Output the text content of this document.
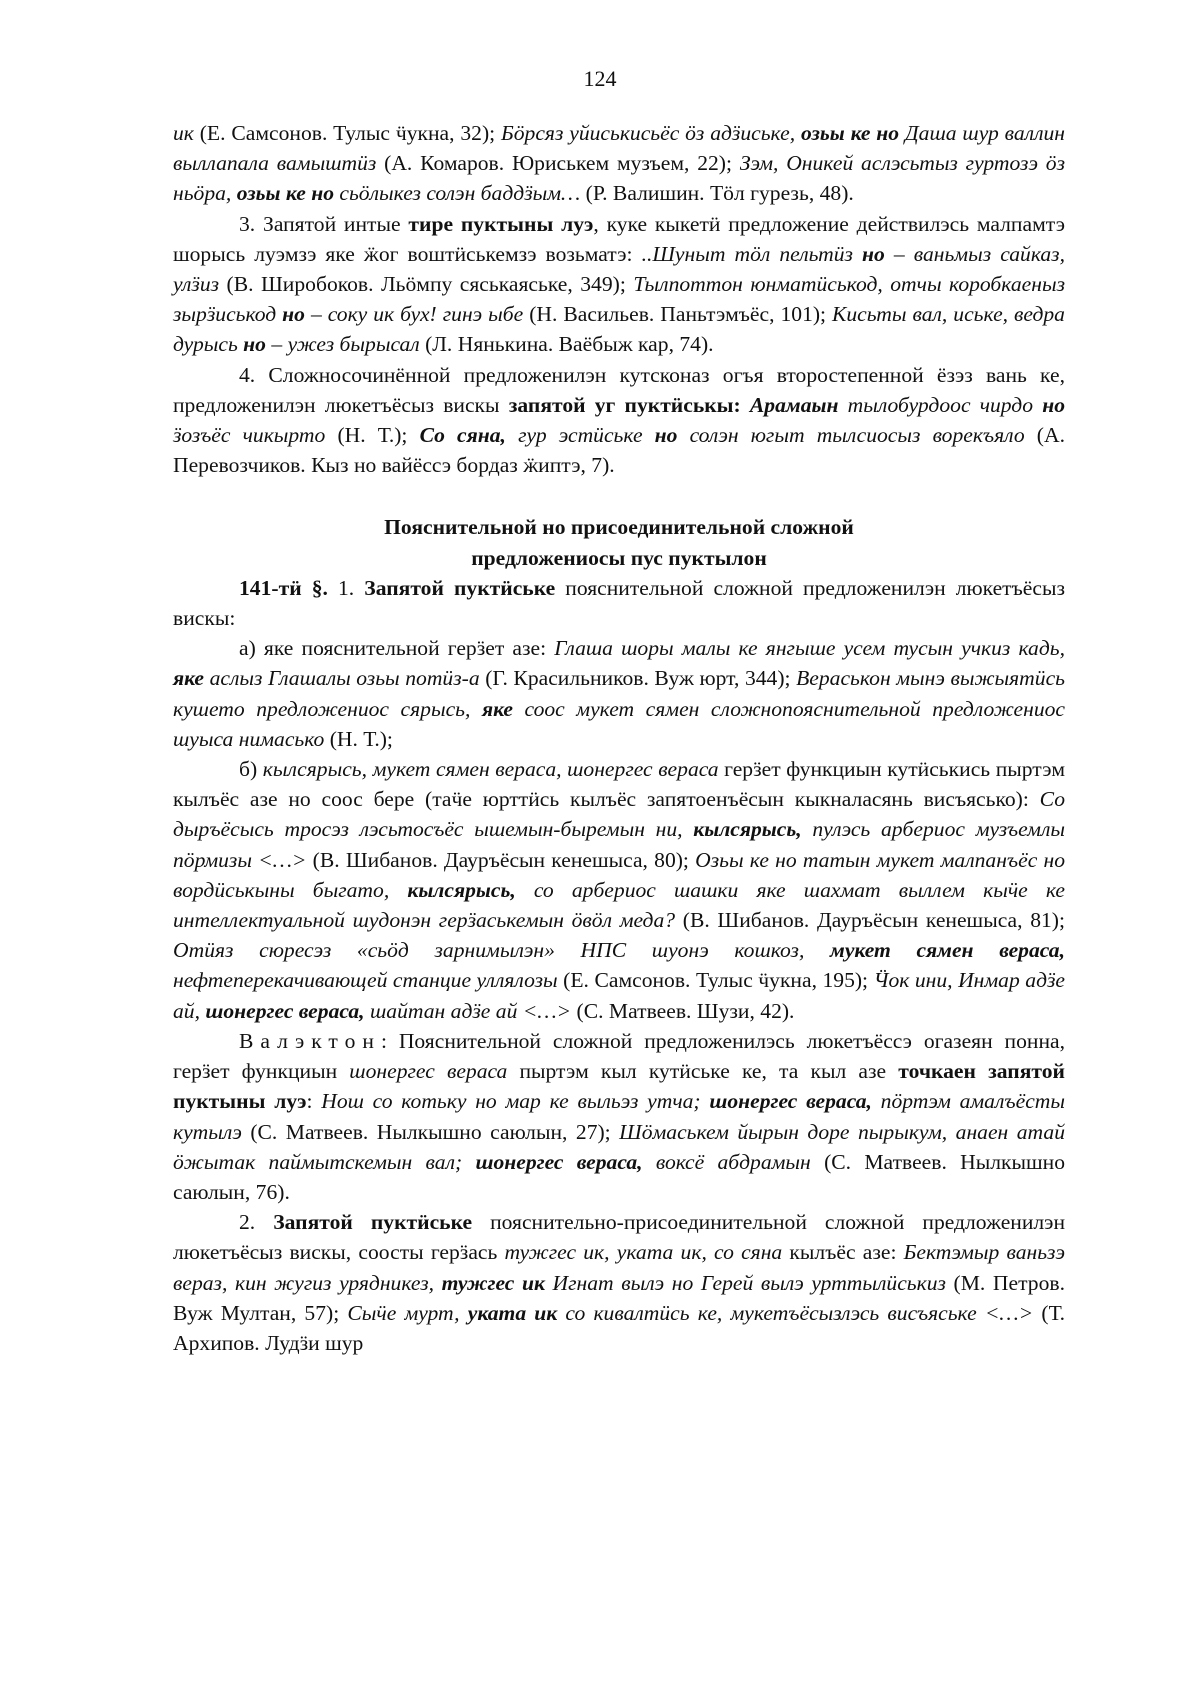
124

ик (Е. Самсонов. Тулыс ӵукна, 32); Бӧрсяз уйиськисьёс ӧз адӟиське, озьы ке но Даша шур валлин выллапала вамыштӥз (А. Комаров. Юриськем музъем, 22); Зэм, Оникей аслэсьтыз гуртозэ ӧз ньӧра, озьы ке но сьӧлыкез солэн баддӟым… (Р. Валишин. Тӧл гурезь, 48).

3. Запятой интые тире пуктыны луэ, куке кыкетӥ предложение действилэсь малпамтэ шорысь луэмзэ яке ӝог воштӥськемзэ возьматэ: ..Шуныт тӧл пельтӥз но – ваньмыз сайказ, улӟиз (В. Широбоков. Льӧмпу сяськаяське, 349); Тылпоттон юнматӥськод, отчы коробкаеныз зырӟиськод но – соку ик бух! гинэ ыбе (Н. Васильев. Паньтэмъёс, 101); Кисьты вал, иське, ведра дурысь но – ужез бырысал (Л. Нянькина. Ваёбыж кар, 74).

4. Сложносочинённой предложенилэн кутсконаз огъя второстепенной ёзэз вань ке, предложенилэн люкетъёсыз вискы запятой уг пуктӥськы: Арамаын тылобурдоос чирдо но ӟозъёс чикырто (Н. Т.); Со сяна, гур эстӥське но солэн югыт тылсиосыз ворекъяло (А. Перевозчиков. Кыз но вайёссэ бордаз ӝиптэ, 7).

Пояснительной но присоединительной сложной
предложениосы пус пуктылон

141-тӥ §. 1. Запятой пуктӥське пояснительной сложной предложенилэн люкетъёсыз вискы:

а) яке пояснительной герӟет азе: Глаша шоры малы ке янгыше усем тусын учкиз кадь, яке аслыз Глашалы озьы потӥз-а (Г. Красильников. Вуж юрт, 344); Вераськон мынэ выжыятӥсь кушето предложениос сярысь, яке соос мукет сямен сложнопояснительной предложениос шуыса нимасько (Н. Т.);

б) кылсярысь, мукет сямен верасa, шонергес вераса герӟет функциын кутӥськись пыртэм кылъёс азе но соос бере (таӵе юрттӥсь кылъёс запятоенъёсын кыкналасянь висъясько): Со дыръёсысь тросэз лэсьтосъёс ышемын-быремын ни, кылсярысь, пулэсь арбериос музъемлы пӧрмизы <…> (В. Шибанов. Дауръёсын кенешыса, 80); Озьы ке но татын мукет малпанъёс но вордӥськыны быгато, кылсярысь, со арбериос шашки яке шахмат выллем кыӵе ке интеллектуальной шудонэн герӟаськемын ӧвӧл меда? (В. Шибанов. Дауръёсын кенешыса, 81); Отӥяз сюресэз «сьӧд зарнимылэн» НПС шуонэ кошкоз, мукет сямен вераса, нефтеперекачивающей станцие уллялозы (Е. Самсонов. Тулыс ӵукна, 195); Ӵок ини, Инмар адӟе ай, шонергес вераса, шайтан адӟе ай <…> (С. Матвеев. Шузи, 42).

Валэктон: Пояснительной сложной предложенилэсь люкетъёссэ огазеян понна, герӟет функциын шонергес вераса пыртэм кыл кутӥське ке, та кыл азе точкаен запятой пуктыны луэ: Нош со котьку но мар ке выльэз утча; шонергес вераса, пӧртэм амалъёсты кутылэ (С. Матвеев. Нылкышно саюлын, 27); Шӧмаськем йырын доре пырыкум, анаен атай ӧжытак паймытскемын вал; шонергес вераса, воксё абдрамын (С. Матвеев. Нылкышно саюлын, 76).

2. Запятой пуктӥське пояснительно-присоединительной сложной предложенилэн люкетъёсыз вискы, соосты герӟась тужгес ик, уката ик, со сяна кылъёс азе: Бектэмыр ваньзэ вераз, кин жугиз урядникез, тужгес ик Игнат вылэ но Герей вылэ урттылӥськиз (М. Петров. Вуж Мултан, 57); Сыӵе мурт, уката ик со кивалтӥсь ке, мукетъёсызлэсь висъяське <…> (Т. Архипов. Лудӟи шур
